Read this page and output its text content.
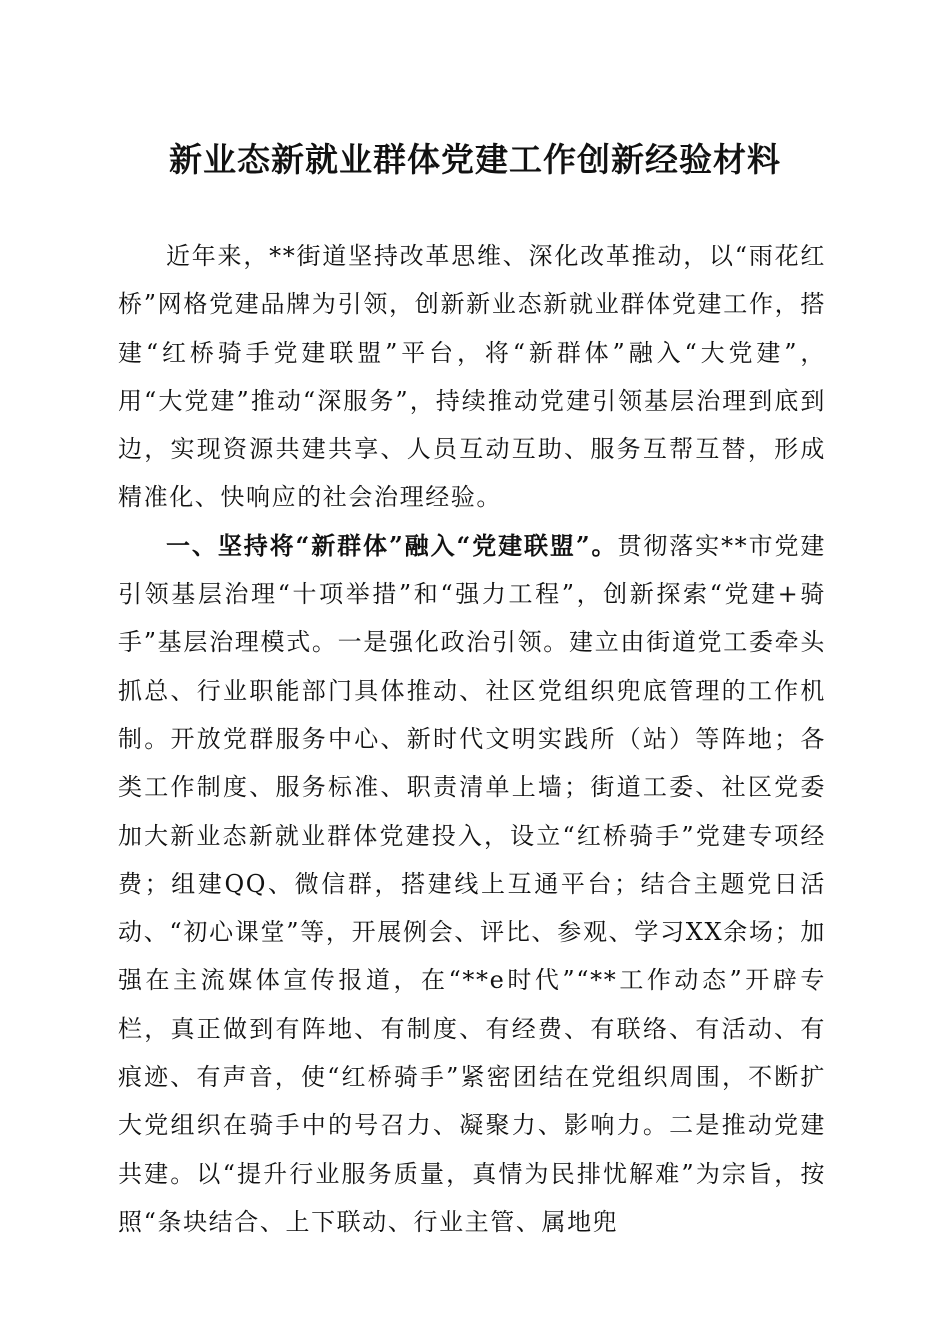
新业态新就业群体党建工作创新经验材料

近年来，**街道坚持改革思维、深化改革推动，以“雨花红桥”网格党建品牌为引领，创新新业态新就业群体党建工作，搭建“红桥骑手党建联盟”平台，将“新群体”融入“大党建”，用“大党建”推动“深服务”，持续推动党建引领基层治理到底到边，实现资源共建共享、人员互动互助、服务互帮互替，形成精准化、快响应的社会治理经验。

一、坚持将“新群体”融入“党建联盟”。贯彻落实**市党建引领基层治理“十项举措”和“强力工程”，创新探索“党建+骑手”基层治理模式。一是强化政治引领。建立由街道党工委牵头抓总、行业职能部门具体推动、社区党组织兜底管理的工作机制。开放党群服务中心、新时代文明实践所（站）等阵地；各类工作制度、服务标准、职责清单上墙；街道工委、社区党委加大新业态新就业群体党建投入，设立“红桥骑手”党建专项经费；组建QQ、微信群，搭建线上互通平台；结合主题党日活动、“初心课堂”等，开展例会、评比、参观、学习XX余场；加强在主流媒体宣传报道，在“**e时代”“**工作动态”开辟专栏，真正做到有阵地、有制度、有经费、有联络、有活动、有痕迹、有声音，使“红桥骑手”紧密团结在党组织周围，不断扩大党组织在骑手中的号召力、凝聚力、影响力。二是推动党建共建。以“提升行业服务质量，真情为民排忧解难”为宗旨，按照“条块结合、上下联动、行业主管、属地兜
